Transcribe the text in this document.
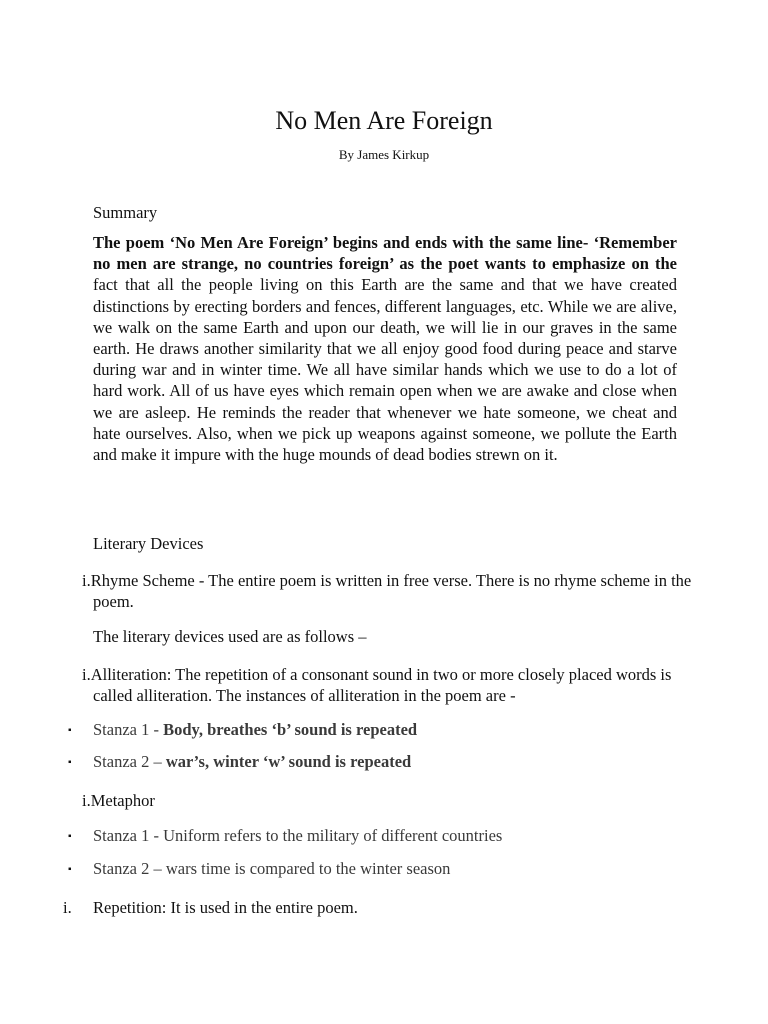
No Men Are Foreign
By James Kirkup
Summary

The poem ‘No Men Are Foreign’ begins and ends with the same line- ‘Remember no men are strange, no countries foreign’ as the poet wants to emphasize on the fact that all the people living on this Earth are the same and that we have created distinctions by erecting borders and fences, different languages, etc. While we are alive, we walk on the same Earth and upon our death, we will lie in our graves in the same earth. He draws another similarity that we all enjoy good food during peace and starve during war and in winter time. We all have similar hands which we use to do a lot of hard work. All of us have eyes which remain open when we are awake and close when we are asleep. He reminds the reader that whenever we hate someone, we cheat and hate ourselves. Also, when we pick up weapons against someone, we pollute the Earth and make it impure with the huge mounds of dead bodies strewn on it.

Literary Devices

i.Rhyme Scheme - The entire poem is written in free verse. There is no rhyme scheme in the poem.

The literary devices used are as follows –

i.Alliteration: The repetition of a consonant sound in two or more closely placed words is called alliteration. The instances of alliteration in the poem are -

▪ Stanza 1 - Body, breathes ‘b’ sound is repeated
▪ Stanza 2 – war’s, winter ‘w’ sound is repeated

i.Metaphor

▪ Stanza 1 - Uniform refers to the military of different countries
▪ Stanza 2 – wars time is compared to the winter season
i. Repetition: It is used in the entire poem.
